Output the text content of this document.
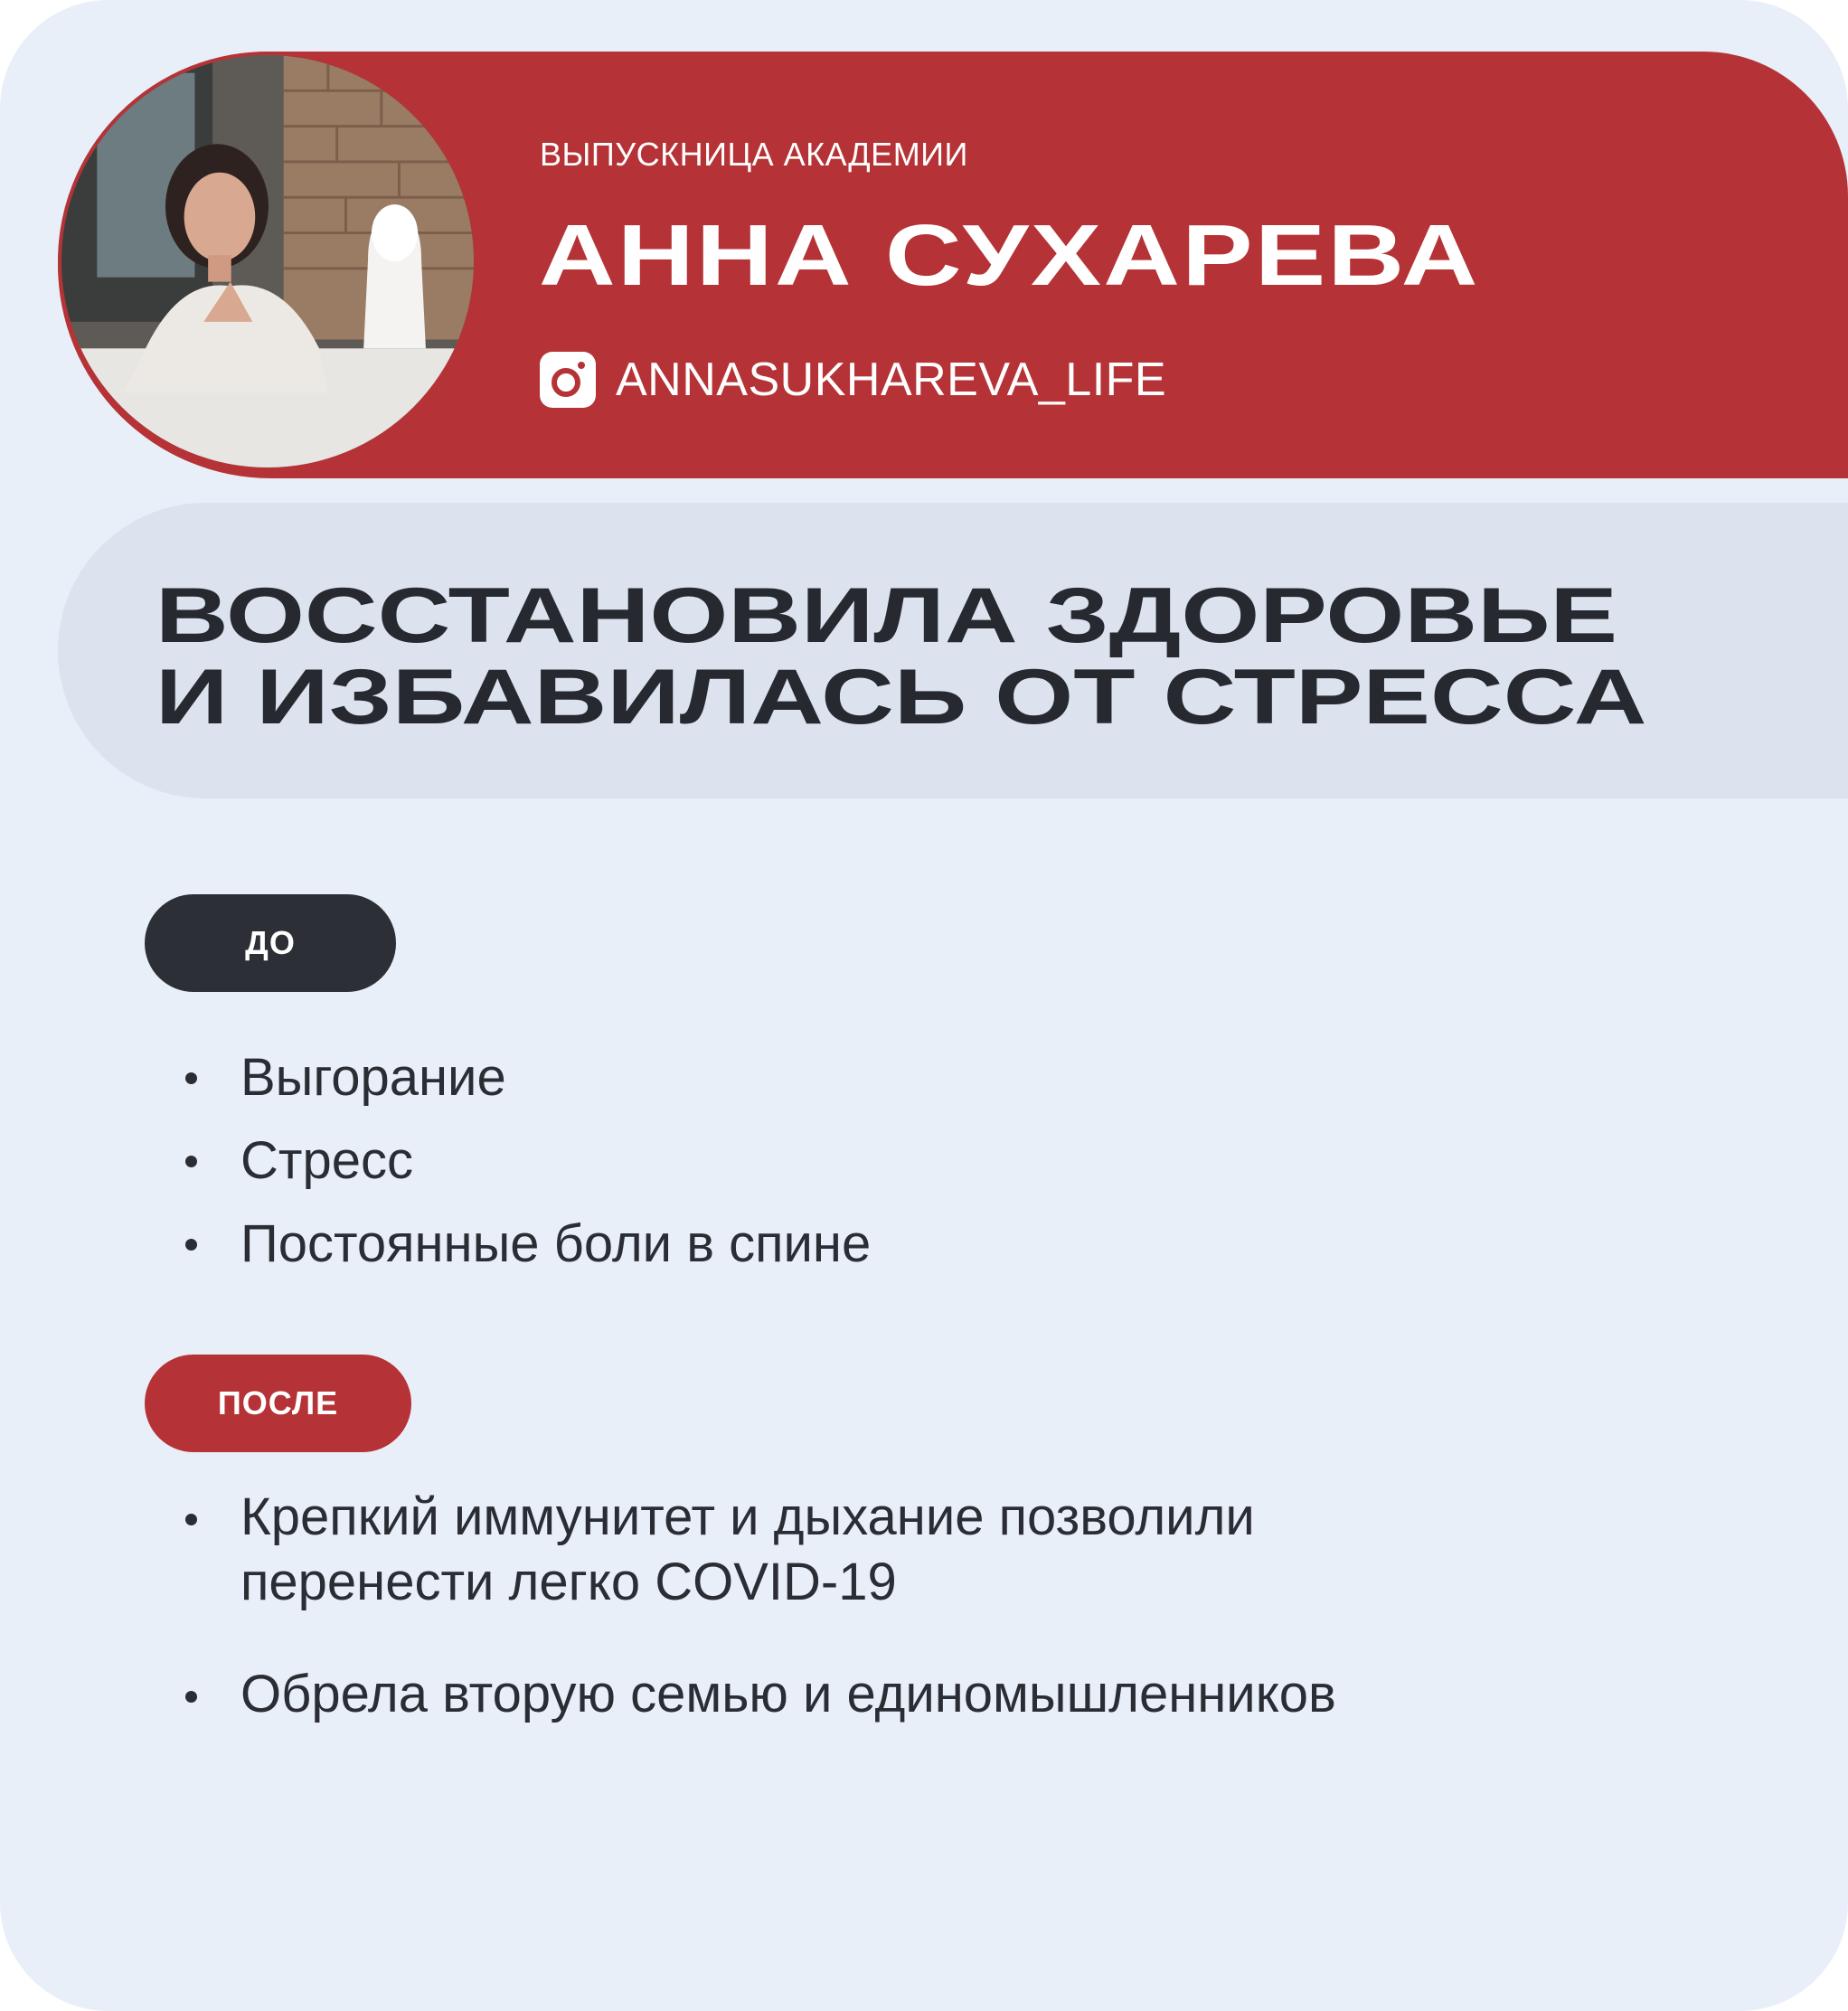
ВЫПУСКНИЦА АКАДЕМИИ
АННА СУХАРЕВА
ANNASUKHAREVA_LIFE
ВОССТАНОВИЛА ЗДОРОВЬЕ
И ИЗБАВИЛАСЬ ОТ СТРЕССА
ДО
Выгорание
Стресс
Постоянные боли в спине
ПОСЛЕ
Крепкий иммунитет и дыхание позволили
перенести легко COVID-19
Обрела вторую семью и единомышленников
